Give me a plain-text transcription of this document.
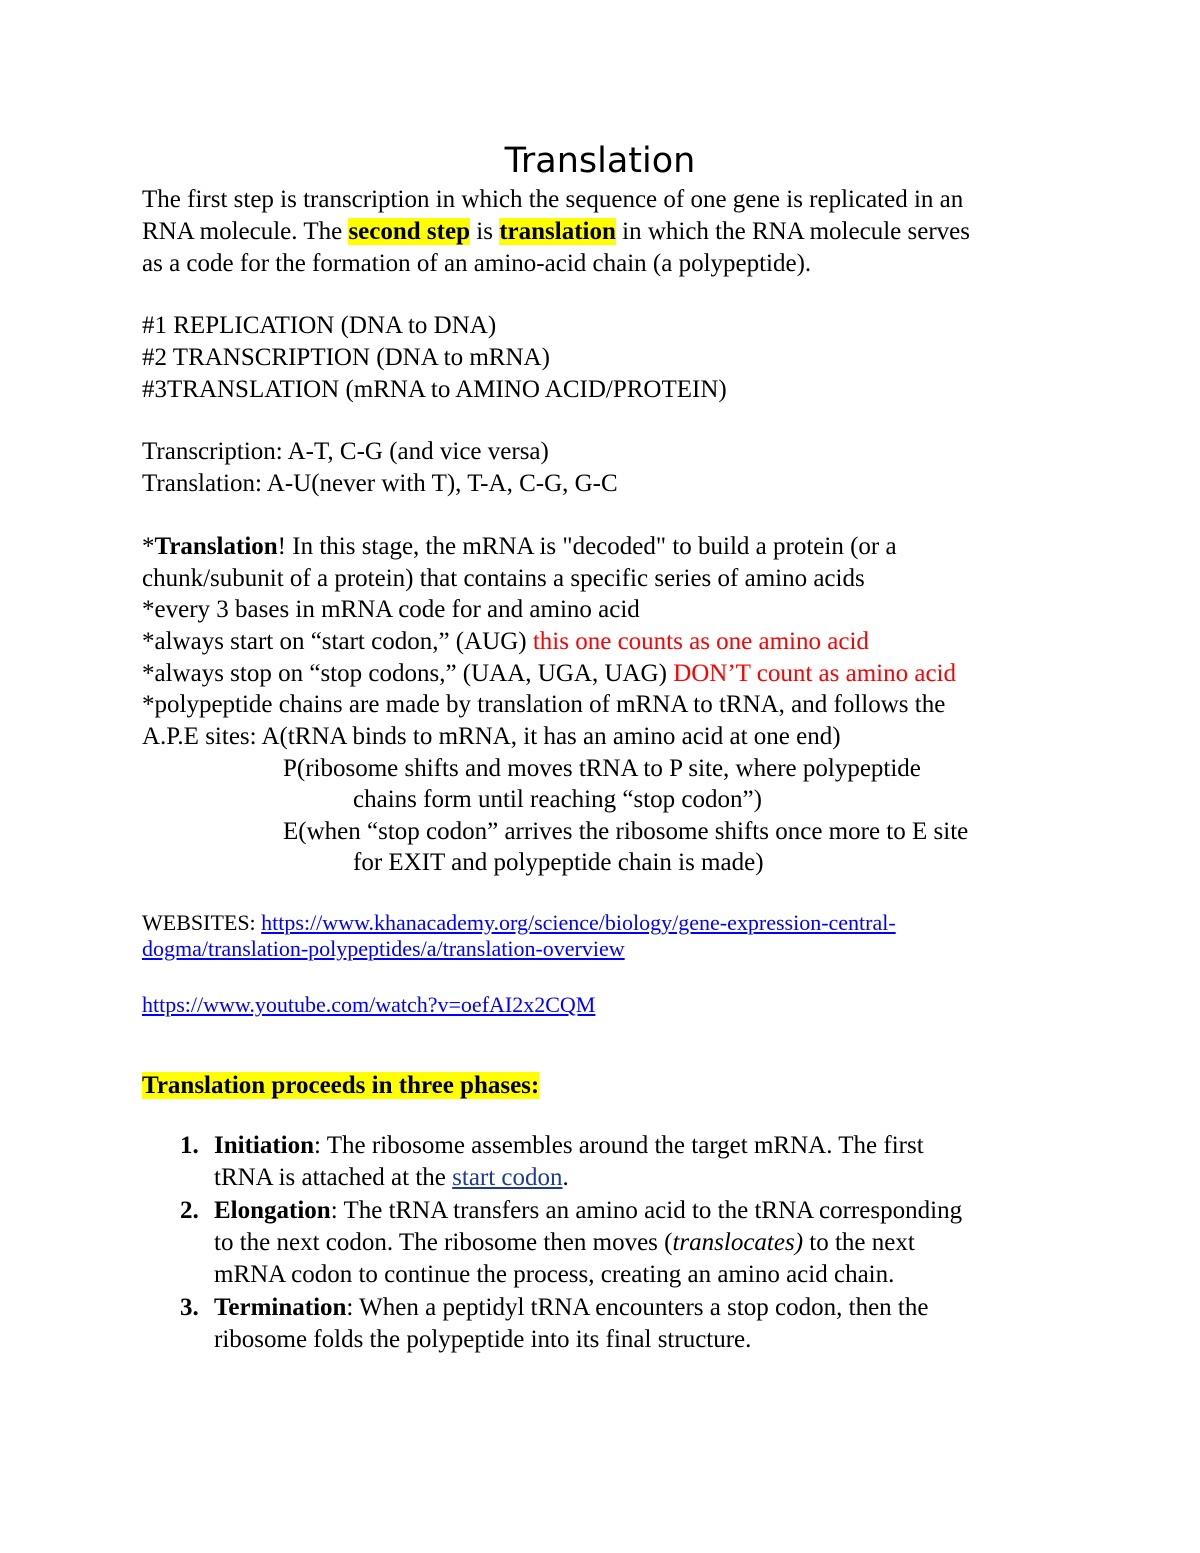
Translation
The first step is transcription in which the sequence of one gene is replicated in an
RNA molecule. The second step is translation in which the RNA molecule serves
as a code for the formation of an amino-acid chain (a polypeptide).
#1 REPLICATION (DNA to DNA)
#2 TRANSCRIPTION (DNA to mRNA)
#3TRANSLATION (mRNA to AMINO ACID/PROTEIN)
Transcription: A-T, C-G (and vice versa)
Translation: A-U(never with T), T-A, C-G, G-C
*Translation! In this stage, the mRNA is "decoded" to build a protein (or a
chunk/subunit of a protein) that contains a specific series of amino acids
*every 3 bases in mRNA code for and amino acid
*always start on “start codon,” (AUG) this one counts as one amino acid
*always stop on “stop codons,” (UAA, UGA, UAG) DON’T count as amino acid
*polypeptide chains are made by translation of mRNA to tRNA, and follows the
A.P.E sites: A(tRNA binds to mRNA, it has an amino acid at one end)
P(ribosome shifts and moves tRNA to P site, where polypeptide
chains form until reaching “stop codon”)
E(when “stop codon” arrives the ribosome shifts once more to E site
for EXIT and polypeptide chain is made)
WEBSITES: https://www.khanacademy.org/science/biology/gene-expression-central-
dogma/translation-polypeptides/a/translation-overview
https://www.youtube.com/watch?v=oefAI2x2CQM
Translation proceeds in three phases:
1. Initiation: The ribosome assembles around the target mRNA. The first
tRNA is attached at the start codon.
2. Elongation: The tRNA transfers an amino acid to the tRNA corresponding
to the next codon. The ribosome then moves (translocates) to the next
mRNA codon to continue the process, creating an amino acid chain.
3. Termination: When a peptidyl tRNA encounters a stop codon, then the
ribosome folds the polypeptide into its final structure.
